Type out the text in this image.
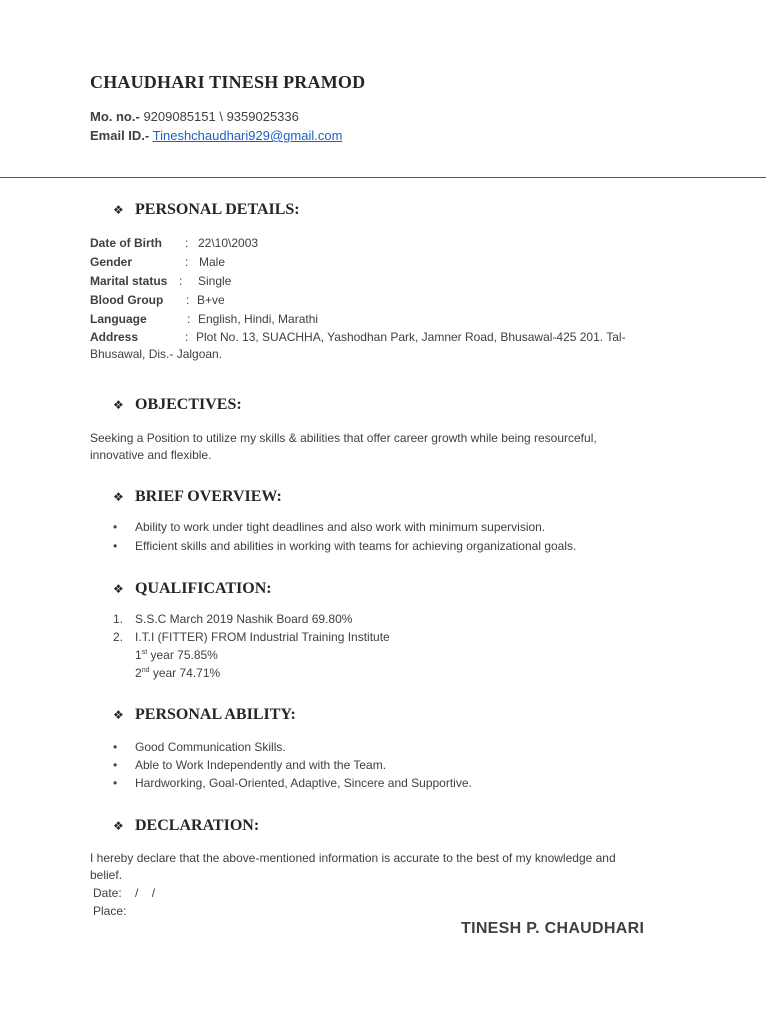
CHAUDHARI TINESH PRAMOD
Mo. no.- 9209085151 \ 9359025336
Email ID.- Tineshchaudhari929@gmail.com
❖ PERSONAL DETAILS:
Date of Birth : 22\10\2003
Gender	: Male
Marital status : Single
Blood Group : B+ve
Language	: English, Hindi, Marathi
Address	: Plot No. 13, SUACHHA, Yashodhan Park, Jamner Road, Bhusawal-425 201. Tal-
Bhusawal, Dis.- Jalgoan.
❖ OBJECTIVES:
Seeking a Position to utilize my skills & abilities that offer career growth while being resourceful,
innovative and flexible.
❖ BRIEF OVERVIEW:
• Ability to work under tight deadlines and also work with minimum supervision.
• Efficient skills and abilities in working with teams for achieving organizational goals.
❖ QUALIFICATION:
1. S.S.C March 2019 Nashik Board 69.80%
2. I.T.I (FITTER) FROM Industrial Training Institute
1st year 75.85%
2nd year 74.71%
❖ PERSONAL ABILITY:
• Good Communication Skills.
• Able to Work Independently and with the Team.
• Hardworking, Goal-Oriented, Adaptive, Sincere and Supportive.
❖ DECLARATION:
I hereby declare that the above-mentioned information is accurate to the best of my knowledge and
belief.
Date: /    /
Place:
TINESH P. CHAUDHARI
